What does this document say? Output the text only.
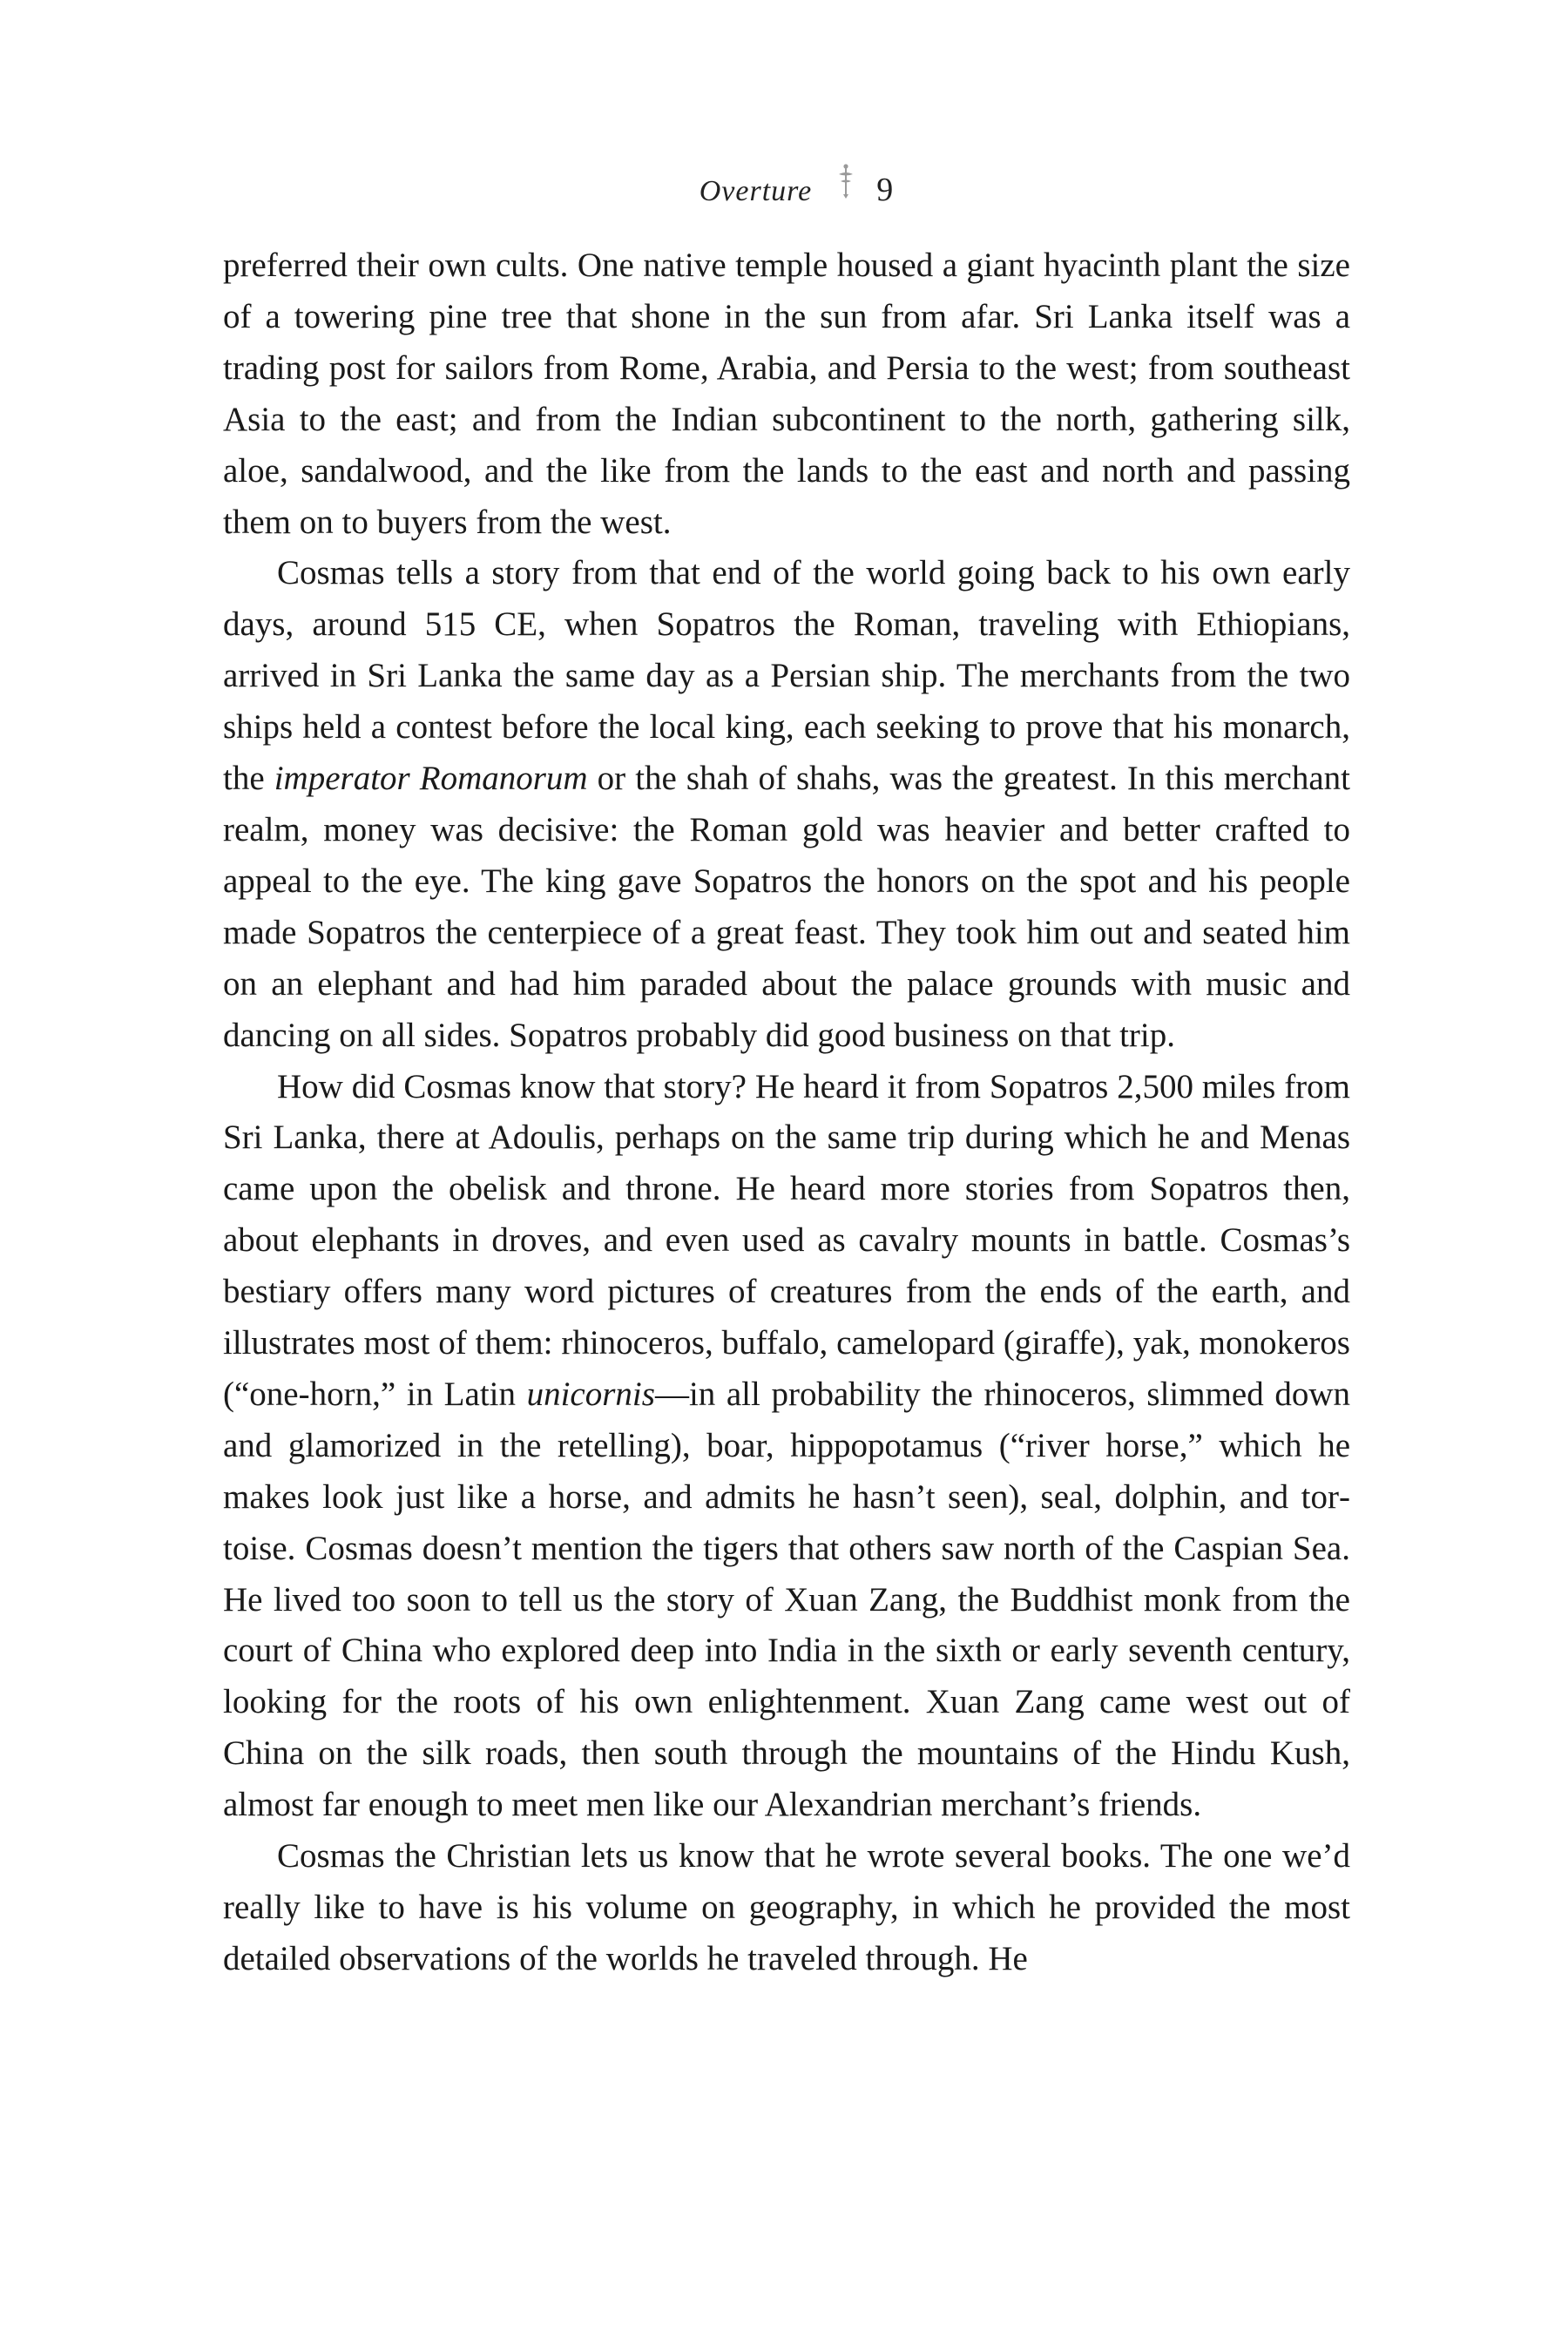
Overture 9

preferred their own cults. One native temple housed a giant hyacinth plant the size of a towering pine tree that shone in the sun from afar. Sri Lanka itself was a trading post for sailors from Rome, Arabia, and Persia to the west; from southeast Asia to the east; and from the Indian subcontinent to the north, gathering silk, aloe, sandalwood, and the like from the lands to the east and north and passing them on to buyers from the west.

Cosmas tells a story from that end of the world going back to his own early days, around 515 CE, when Sopatros the Roman, traveling with Ethiopians, arrived in Sri Lanka the same day as a Persian ship. The merchants from the two ships held a contest before the local king, each seeking to prove that his monarch, the imperator Romanorum or the shah of shahs, was the greatest. In this merchant realm, money was decisive: the Roman gold was heavier and better crafted to appeal to the eye. The king gave Sopatros the honors on the spot and his people made Sopatros the centerpiece of a great feast. They took him out and seated him on an elephant and had him paraded about the palace grounds with music and dancing on all sides. Sopatros probably did good business on that trip.

How did Cosmas know that story? He heard it from Sopatros 2,500 miles from Sri Lanka, there at Adoulis, perhaps on the same trip during which he and Menas came upon the obelisk and throne. He heard more stories from Sopatros then, about elephants in droves, and even used as cavalry mounts in battle. Cosmas’s bestiary offers many word pictures of creatures from the ends of the earth, and illustrates most of them: rhinoceros, buffalo, camelopard (giraffe), yak, monokeros (“one-horn,” in Latin unicornis—in all probability the rhinoceros, slimmed down and glamorized in the retelling), boar, hippopotamus (“river horse,” which he makes look just like a horse, and admits he hasn’t seen), seal, dolphin, and tortoise. Cosmas doesn’t mention the tigers that others saw north of the Caspian Sea. He lived too soon to tell us the story of Xuan Zang, the Buddhist monk from the court of China who explored deep into India in the sixth or early seventh century, looking for the roots of his own enlightenment. Xuan Zang came west out of China on the silk roads, then south through the mountains of the Hindu Kush, almost far enough to meet men like our Alexandrian merchant’s friends.

Cosmas the Christian lets us know that he wrote several books. The one we’d really like to have is his volume on geography, in which he provided the most detailed observations of the worlds he traveled through. He
